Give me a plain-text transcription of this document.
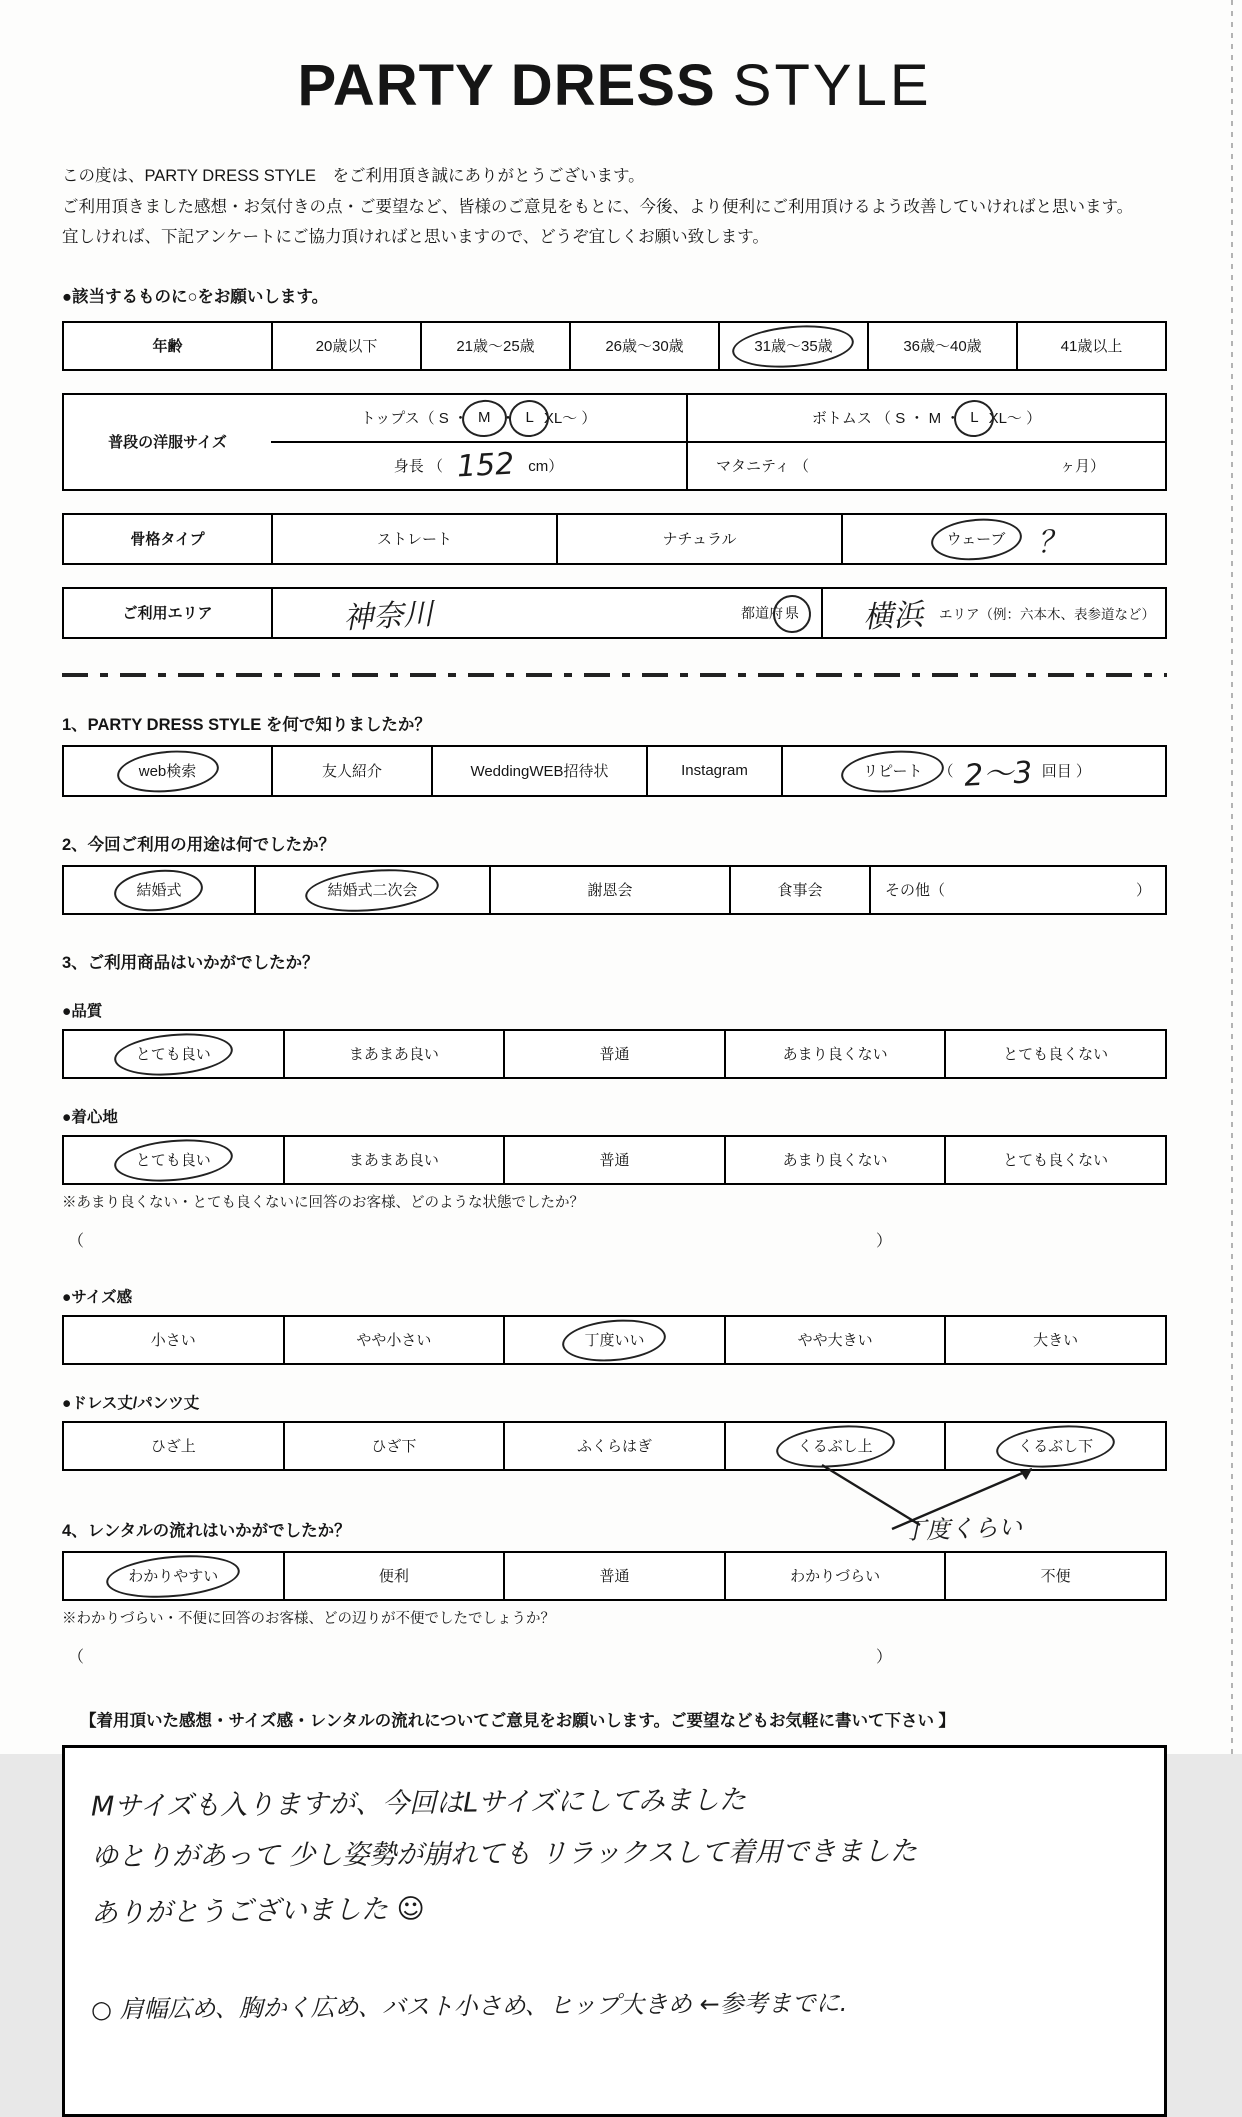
PARTY DRESS STYLE
この度は、PARTY DRESS STYLE　をご利用頂き誠にありがとうございます。
ご利用頂きました感想・お気付きの点・ご要望など、皆様のご意見をもとに、今後、より便利にご利用頂けるよう改善していければと思います。
宜しければ、下記アンケートにご協力頂ければと思いますので、どうぞ宜しくお願い致します。
●該当するものに○をお願いします。
年齢	20歳以下	21歳～25歳	26歳～30歳	31歳～35歳	36歳～40歳	41歳以上
普段の洋服サイズ
トップス（ S ・ M ・ L XL～ ）	ボトムス （ S ・ M ・ L XL～ ）
身長 （ 152 cm）	マタニティ （	ヶ月）
骨格タイプ	ストレート	ナチュラル	ウェーブ ？
ご利用エリア	神奈川	都道府 県 横浜 エリア（例：六本木、表参道など）
1、PARTY DRESS STYLE を何で知りましたか？
web検索	友人紹介	WeddingWEB招待状	Instagram	リピート	（ 2～3 回目 ）
2、今回ご利用の用途は何でしたか？
結婚式	結婚式二次会	謝恩会	食事会	その他（	）
3、ご利用商品はいかがでしたか？
●品質
とても良い	まあまあ良い	普通	あまり良くない	とても良くない
●着心地
とても良い	まあまあ良い	普通	あまり良くない	とても良くない
※あまり良くない・とても良くないに回答のお客様、どのような状態でしたか？
（	）
●サイズ感
小さい	やや小さい	丁度いい	やや大きい	大きい
●ドレス丈/パンツ丈
ひざ上	ひざ下	ふくらはぎ	くるぶし上	くるぶし下
丁度くらい
4、レンタルの流れはいかがでしたか？
わかりやすい	便利	普通	わかりづらい	不便
※わかりづらい・不便に回答のお客様、どの辺りが不便でしたでしょうか？
（	）
【着用頂いた感想・サイズ感・レンタルの流れについてご意見をお願いします。ご要望などもお気軽に書いて下さい 】
Mサイズも入りますが、今回はLサイズにしてみました
ゆとりがあって 少し姿勢が崩れても リラックスして着用できました
ありがとうございました ☺
○ 肩幅広め、胸かく広め、バスト小さめ、ヒップ大きめ ←参考までに.
